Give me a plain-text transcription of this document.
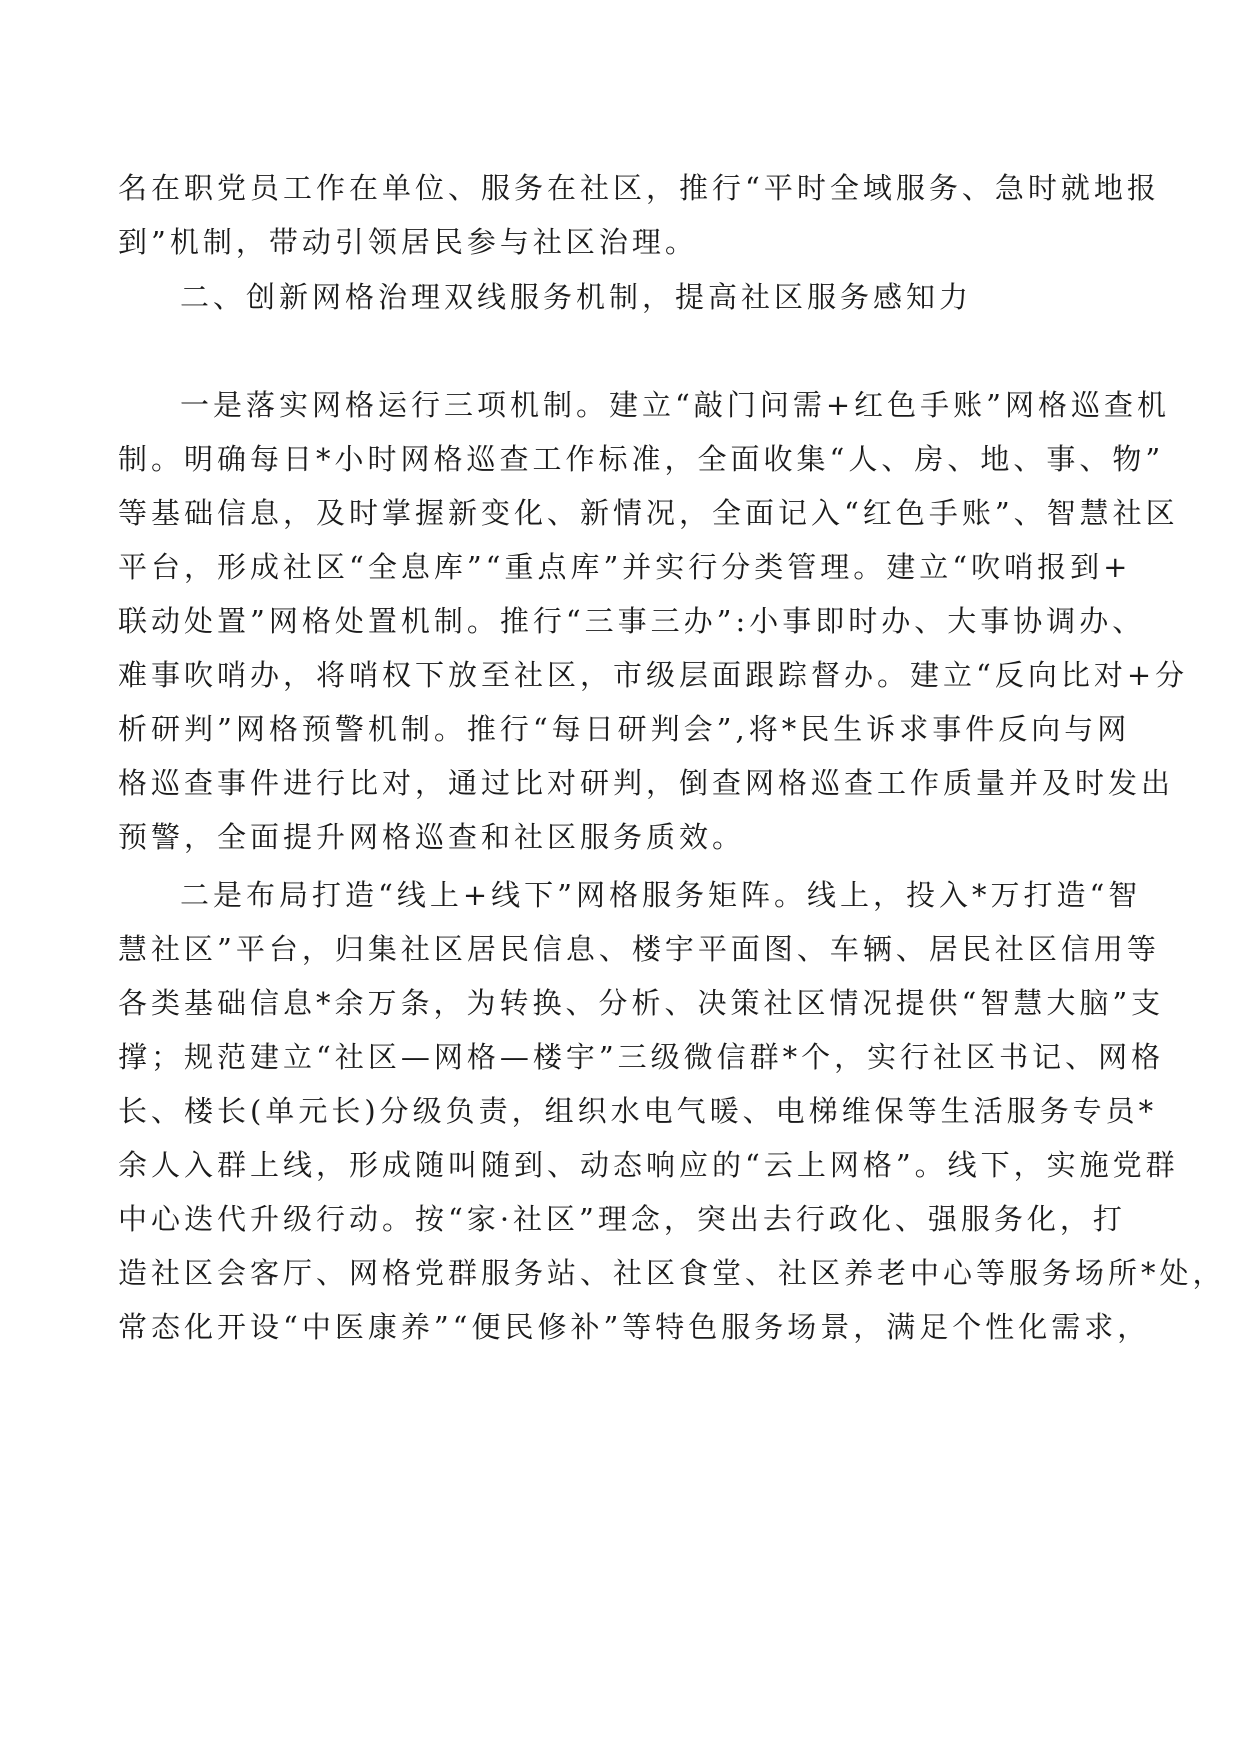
名在职党员工作在单位、服务在社区，推行“平时全域服务、急时就地报
到”机制，带动引领居民参与社区治理。
二、创新网格治理双线服务机制，提高社区服务感知力
一是落实网格运行三项机制。建立“敲门问需+红色手账”网格巡查机
制。明确每日*小时网格巡查工作标准，全面收集“人、房、地、事、物”
等基础信息，及时掌握新变化、新情况，全面记入“红色手账”、智慧社区
平台，形成社区“全息库”“重点库”并实行分类管理。建立“吹哨报到+
联动处置”网格处置机制。推行“三事三办”:小事即时办、大事协调办、
难事吹哨办，将哨权下放至社区，市级层面跟踪督办。建立“反向比对+分
析研判”网格预警机制。推行“每日研判会”,将*民生诉求事件反向与网
格巡查事件进行比对，通过比对研判，倒查网格巡查工作质量并及时发出
预警，全面提升网格巡查和社区服务质效。
二是布局打造“线上+线下”网格服务矩阵。线上，投入*万打造“智
慧社区”平台，归集社区居民信息、楼宇平面图、车辆、居民社区信用等
各类基础信息*余万条，为转换、分析、决策社区情况提供“智慧大脑”支
撑；规范建立“社区—网格—楼宇”三级微信群*个，实行社区书记、网格
长、楼长(单元长)分级负责，组织水电气暖、电梯维保等生活服务专员*
余人入群上线，形成随叫随到、动态响应的“云上网格”。线下，实施党群
中心迭代升级行动。按“家·社区”理念，突出去行政化、强服务化，打
造社区会客厅、网格党群服务站、社区食堂、社区养老中心等服务场所*处，
常态化开设“中医康养”“便民修补”等特色服务场景，满足个性化需求，
